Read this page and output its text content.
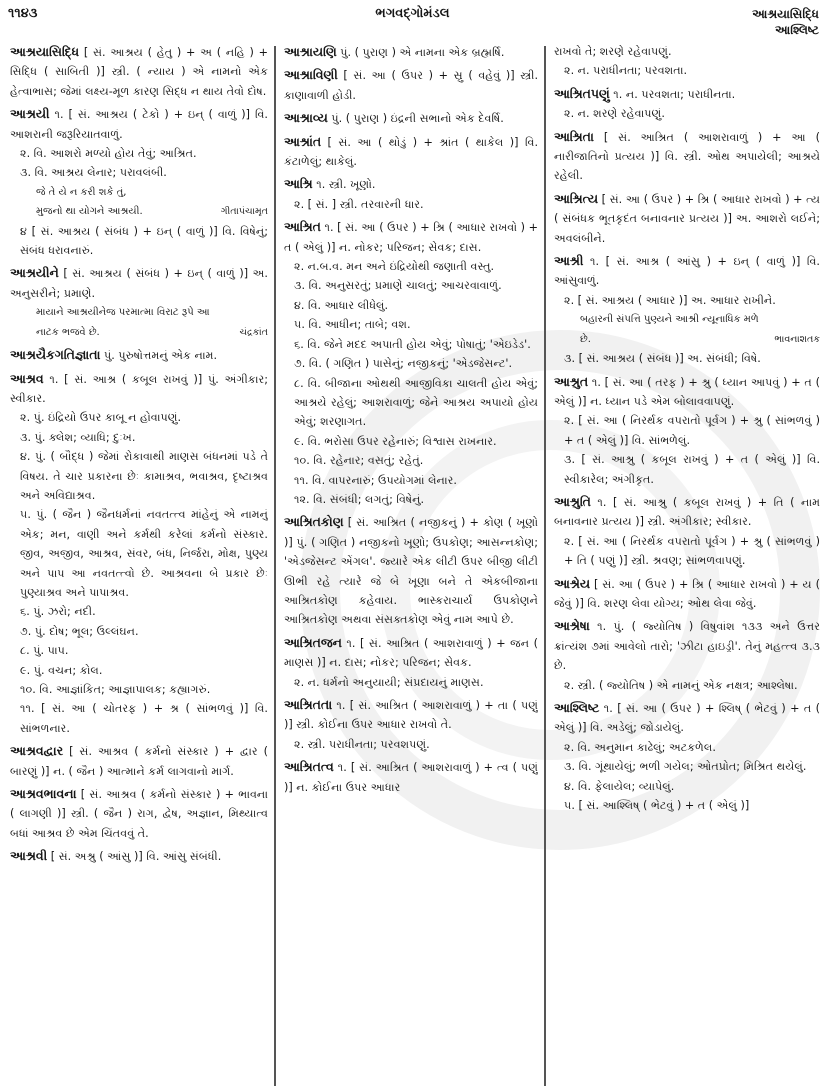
૧૧૪૩	ભગવદ્ગોમંડલ	આશ્રયાસિદ્ધિ
આશ્લિષ્ટ
આશ્રયાસિદ્ધિ [ સં. આશ્રય ( હેતુ ) + અ ( નહિ ) + સિદ્ધિ ( સાબિતી )] સ્ત્રી. ( ન્યાય ) એ નામનો એક હેત્વાભાસ; જેમાં લક્ષ્ય-મૂળ કારણ સિદ્ધ ન થાય તેવો દોષ.
આશ્રયી ૧. [ સં. આશ્રય ( ટેકો ) + ઇન્ ( વાળું )] વિ. આશરાની જરૂરિયાતવાળું.
૨. વિ. આશરો મળ્યો હોય તેવું; આશ્રિત.
૩. વિ. આશ્રય લેનાર; પરાવલંબી.
જે તે યે ન કરી શકે તું,
મુજનો થા યોગને આશ્રયી.	ગીતાપંચામૃત
૪ [ સં. આશ્રય ( સંબંધ ) + ઇન્ ( વાળું )] વિ. વિષેનું; સંબંધ ધરાવનારું.
આશ્રયીને [ સં. આશ્રય ( સંબંધ ) + ઇન્ ( વાળું )] અ. અનુસરીને; પ્રમાણે.
માયાને આશ્રયીનેજ પરમાત્મા વિરાટ રૂપે આ
નાટક ભજવે છે.	ચંદ્રકાંત
આશ્રયૈકગતિજ્ઞાતા પું. પુરુષોત્તમનું એક નામ.
આશ્રવ ૧. [ સં. આશ્ર ( કબૂલ રાખવું )] પું. અંગીકાર; સ્વીકાર.
૨. પું. ઇંદ્રિયો ઉપર કાબૂ ન હોવાપણું.
૩. પું. ક્લેશ; વ્યાધિ; દુઃખ.
૪. પું. ( બૌદ્ધ ) જેમાં રોકાવાથી માણસ બંધનમાં પડે તે વિષય. તે ચાર પ્રકારના છેઃ કામાશ્રવ, ભવાશ્રવ, દૃષ્ટાશ્રવ અને અવિદ્યાશ્રવ.
૫. પું. ( જૈન ) જૈનધર્મનાં નવતત્ત્વ માંહેનું એ નામનું એક; મન, વાણી અને કર્મથી કરેલાં કર્મનો સંસ્કાર. જીવ, અજીવ, આશ્રવ, સંવર, બંધ, નિર્જરા, મોક્ષ, પુણ્ય અને પાપ આ નવતત્ત્વો છે. આશ્રવના બે પ્રકાર છેઃ પુણ્યાશ્રવ અને પાપાશ્રવ.
૬. પું. ઝરો; નદી.
૭. પું. દોષ; ભૂલ; ઉલ્લંઘન.
૮. પું. પાપ.
૯. પું. વચન; કોલ.
૧૦. વિ. આજ્ઞાંકિત; આજ્ઞાપાલક; કહ્યાગરું.
૧૧. [ સં. આ ( ચોતરફ ) + શ્ર ( સાંભળવું )] વિ. સાંભળનાર.
આશ્રવદ્વાર [ સં. આશ્રવ ( કર્મનો સંસ્કાર ) + દ્વાર ( બારણું )] ન. ( જૈન ) આત્માને કર્મ લાગવાનો માર્ગ.
આશ્રવભાવના [ સં. આશ્રવ ( કર્મનો સંસ્કાર ) + ભાવના ( લાગણી )] સ્ત્રી. ( જૈન ) રાગ, દ્વેષ, અજ્ઞાન, મિથ્યાત્વ બધાં આશ્રવ છે એમ ચિંતવવું તે.
આશ્રવી [ સં. અશ્રુ ( આંસુ )] વિ. આંસુ સંબંધી.
આશ્રાયણિ પું. ( પુરાણ ) એ નામના એક બ્રહ્મર્ષિ.
આશ્રાવિણી [ સં. આ ( ઉપર ) + સ્રુ ( વહેવું )] સ્ત્રી. કાણાવાળી હોડી.
આશ્રાવ્ય પું. ( પુરાણ ) ઇંદ્રની સભાનો એક દેવર્ષિ.
આશ્રાંત [ સં. આ ( થોડું ) + શ્રાંત ( થાકેલ )] વિ. કંટાળેલું; થાકેલું.
આશ્રિ ૧. સ્ત્રી. ખૂણો.
૨. [ સં. ] સ્ત્રી. તરવારની ધાર.
આશ્રિત ૧. [ સં. આ ( ઉપર ) + શ્રિ ( આધાર રાખવો ) + ત ( એલું )] ન. નોકર; પરિજન; સેવક; દાસ.
૨. ન.બ.વ. મન અને ઇંદ્રિયોથી જણાતી વસ્તુ.
૩. વિ. અનુસરતું; પ્રમાણે ચાલતું; આચરવાવાળું.
૪. વિ. આધાર લીધેલું.
૫. વિ. આધીન; તાબે; વશ.
૬. વિ. જેને મદદ અપાતી હોય એવું; પોષાતું; 'એઇડેડ'.
૭. વિ. ( ગણિત ) પાસેનું; નજીકનું; 'એડજેસન્ટ'.
૮. વિ. બીજાના ઓથથી આજીવિકા ચાલતી હોય એવું; આશ્રયે રહેલું; આશરાવાળું; જેને આશ્રય અપાયો હોય એવું; શરણાગત.
૯. વિ. ભરોસા ઉપર રહેનારું; વિશ્વાસ રાખનાર.
૧૦. વિ. રહેનાર; વસતું; રહેતું.
૧૧. વિ. વાપરનારું; ઉપયોગમાં લેનાર.
૧૨. વિ. સંબંધી; લગતું; વિષેનું.
આશ્રિતકોણ [ સં. આશ્રિત ( નજીકનું ) + કોણ ( ખૂણો )] પું. ( ગણિત ) નજીકનો ખૂણો; ઉપકોણ; આસન્નકોણ; 'એડજેસન્ટ એંગલ'. જ્યારે એક લીટી ઉપર બીજી લીટી ઊભી રહે ત્યારે જે બે ખૂણા બને તે એકબીજાના આશ્રિતકોણ કહેવાય. ભાસ્કરાચાર્ય ઉપકોણને આશ્રિતકોણ અથવા સંસક્તકોણ એવું નામ આપે છે.
આશ્રિતજન ૧. [ સં. આશ્રિત ( આશરાવાળું ) + જન ( માણસ )] ન. દાસ; નોકર; પરિજન; સેવક.
૨. ન. ધર્મનો અનુયાયી; સંપ્રદાયનું માણસ.
આશ્રિતતા ૧. [ સં. આશ્રિત ( આશરાવાળું ) + તા ( પણું )] સ્ત્રી. કોઈના ઉપર આધાર રાખવો તે.
૨. સ્ત્રી. પરાધીનતા; પરવશપણું.
આશ્રિતત્વ ૧. [ સં. આશ્રિત ( આશરાવાળું ) + ત્વ ( પણું )] ન. કોઈના ઉપર આધાર
રાખવો તે; શરણે રહેવાપણું.
૨. ન. પરાધીનતા; પરવશતા.
આશ્રિતપણું ૧. ન. પરવશતા; પરાધીનતા.
૨. ન. શરણે રહેવાપણું.
આશ્રિતા [ સં. આશ્રિત ( આશરાવાળું ) + આ ( નારીજાતિનો પ્રત્યય )] વિ. સ્ત્રી. ઓથ અપાયેલી; આશ્રયે રહેલી.
આશ્રિત્ય [ સં. આ ( ઉપર ) + શ્રિ ( આધાર રાખવો ) + ત્ય ( સંબંધક ભૂતકૃદંત બનાવનાર પ્રત્યય )] અ. આશરો લઈને; અવલંબીને.
આશ્રી ૧. [ સં. આશ્ર ( આંસુ ) + ઇન્ ( વાળું )] વિ. આંસુવાળું.
૨. [ સં. આશ્રય ( આધાર )] અ. આધાર રાખીને.
બહારની સંપત્તિ પુણ્યને આશ્રી ન્યૂનાધિક મળે
છે.	ભાવનાશતક
૩. [ સં. આશ્રય ( સંબંધ )] અ. સંબંધી; વિષે.
આશ્રુત ૧. [ સં. આ ( તરફ ) + શ્રુ ( ધ્યાન આપવું ) + ત ( એલું )] ન. ધ્યાન પડે એમ બોલાવવાપણું.
૨. [ સં. આ ( નિરર્થક વપરાતો પૂર્વગ ) + શ્રુ ( સાંભળવું ) + ત ( એલું )] વિ. સાંભળેલું.
૩. [ સં. આશ્રુ ( કબૂલ રાખવું ) + ત ( એલું )] વિ. સ્વીકારેલ; અંગીકૃત.
આશ્રુતિ ૧. [ સં. આશ્રુ ( કબૂલ રાખવું ) + તિ ( નામ બનાવનાર પ્રત્યય )] સ્ત્રી. અંગીકાર; સ્વીકાર.
૨. [ સં. આ ( નિરર્થક વપરાતો પૂર્વગ ) + શ્રુ ( સાંભળવું ) + તિ ( પણું )] સ્ત્રી. શ્રવણ; સાંભળવાપણું.
આશ્રેય [ સં. આ ( ઉપર ) + શ્રિ ( આધાર રાખવો ) + ય ( જેવું )] વિ. શરણ લેવા યોગ્ય; ઓથ લેવા જેવું.
આશ્રેષા ૧. પું. ( જ્યોતિષ ) વિષુવાંશ ૧૩૩ અને ઉત્તર ક્રાંત્યંશ ૭માં આવેલો તારો; 'ઝીટા હાઇડ્રી'. તેનું મહત્ત્વ ૩.૩ છે.
૨. સ્ત્રી. ( જ્યોતિષ ) એ નામનું એક નક્ષત્ર; આશ્લેષા.
આશ્લિષ્ટ ૧. [ સં. આ ( ઉપર ) + શ્લિષ્ ( ભેટવું ) + ત ( એલું )] વિ. અડેલું; જોડાયેલું.
૨. વિ. અનુમાન કાઢેલું; અટકળેલ.
૩. વિ. ગૂંથાયેલું; ભળી ગયેલ; ઓતપ્રોત; મિશ્રિત થયેલું.
૪. વિ. ફેલાયેલ; વ્યાપેલું.
૫. [ સં. આશ્લિષ્ ( ભેટવું ) + ત ( એલું )]
